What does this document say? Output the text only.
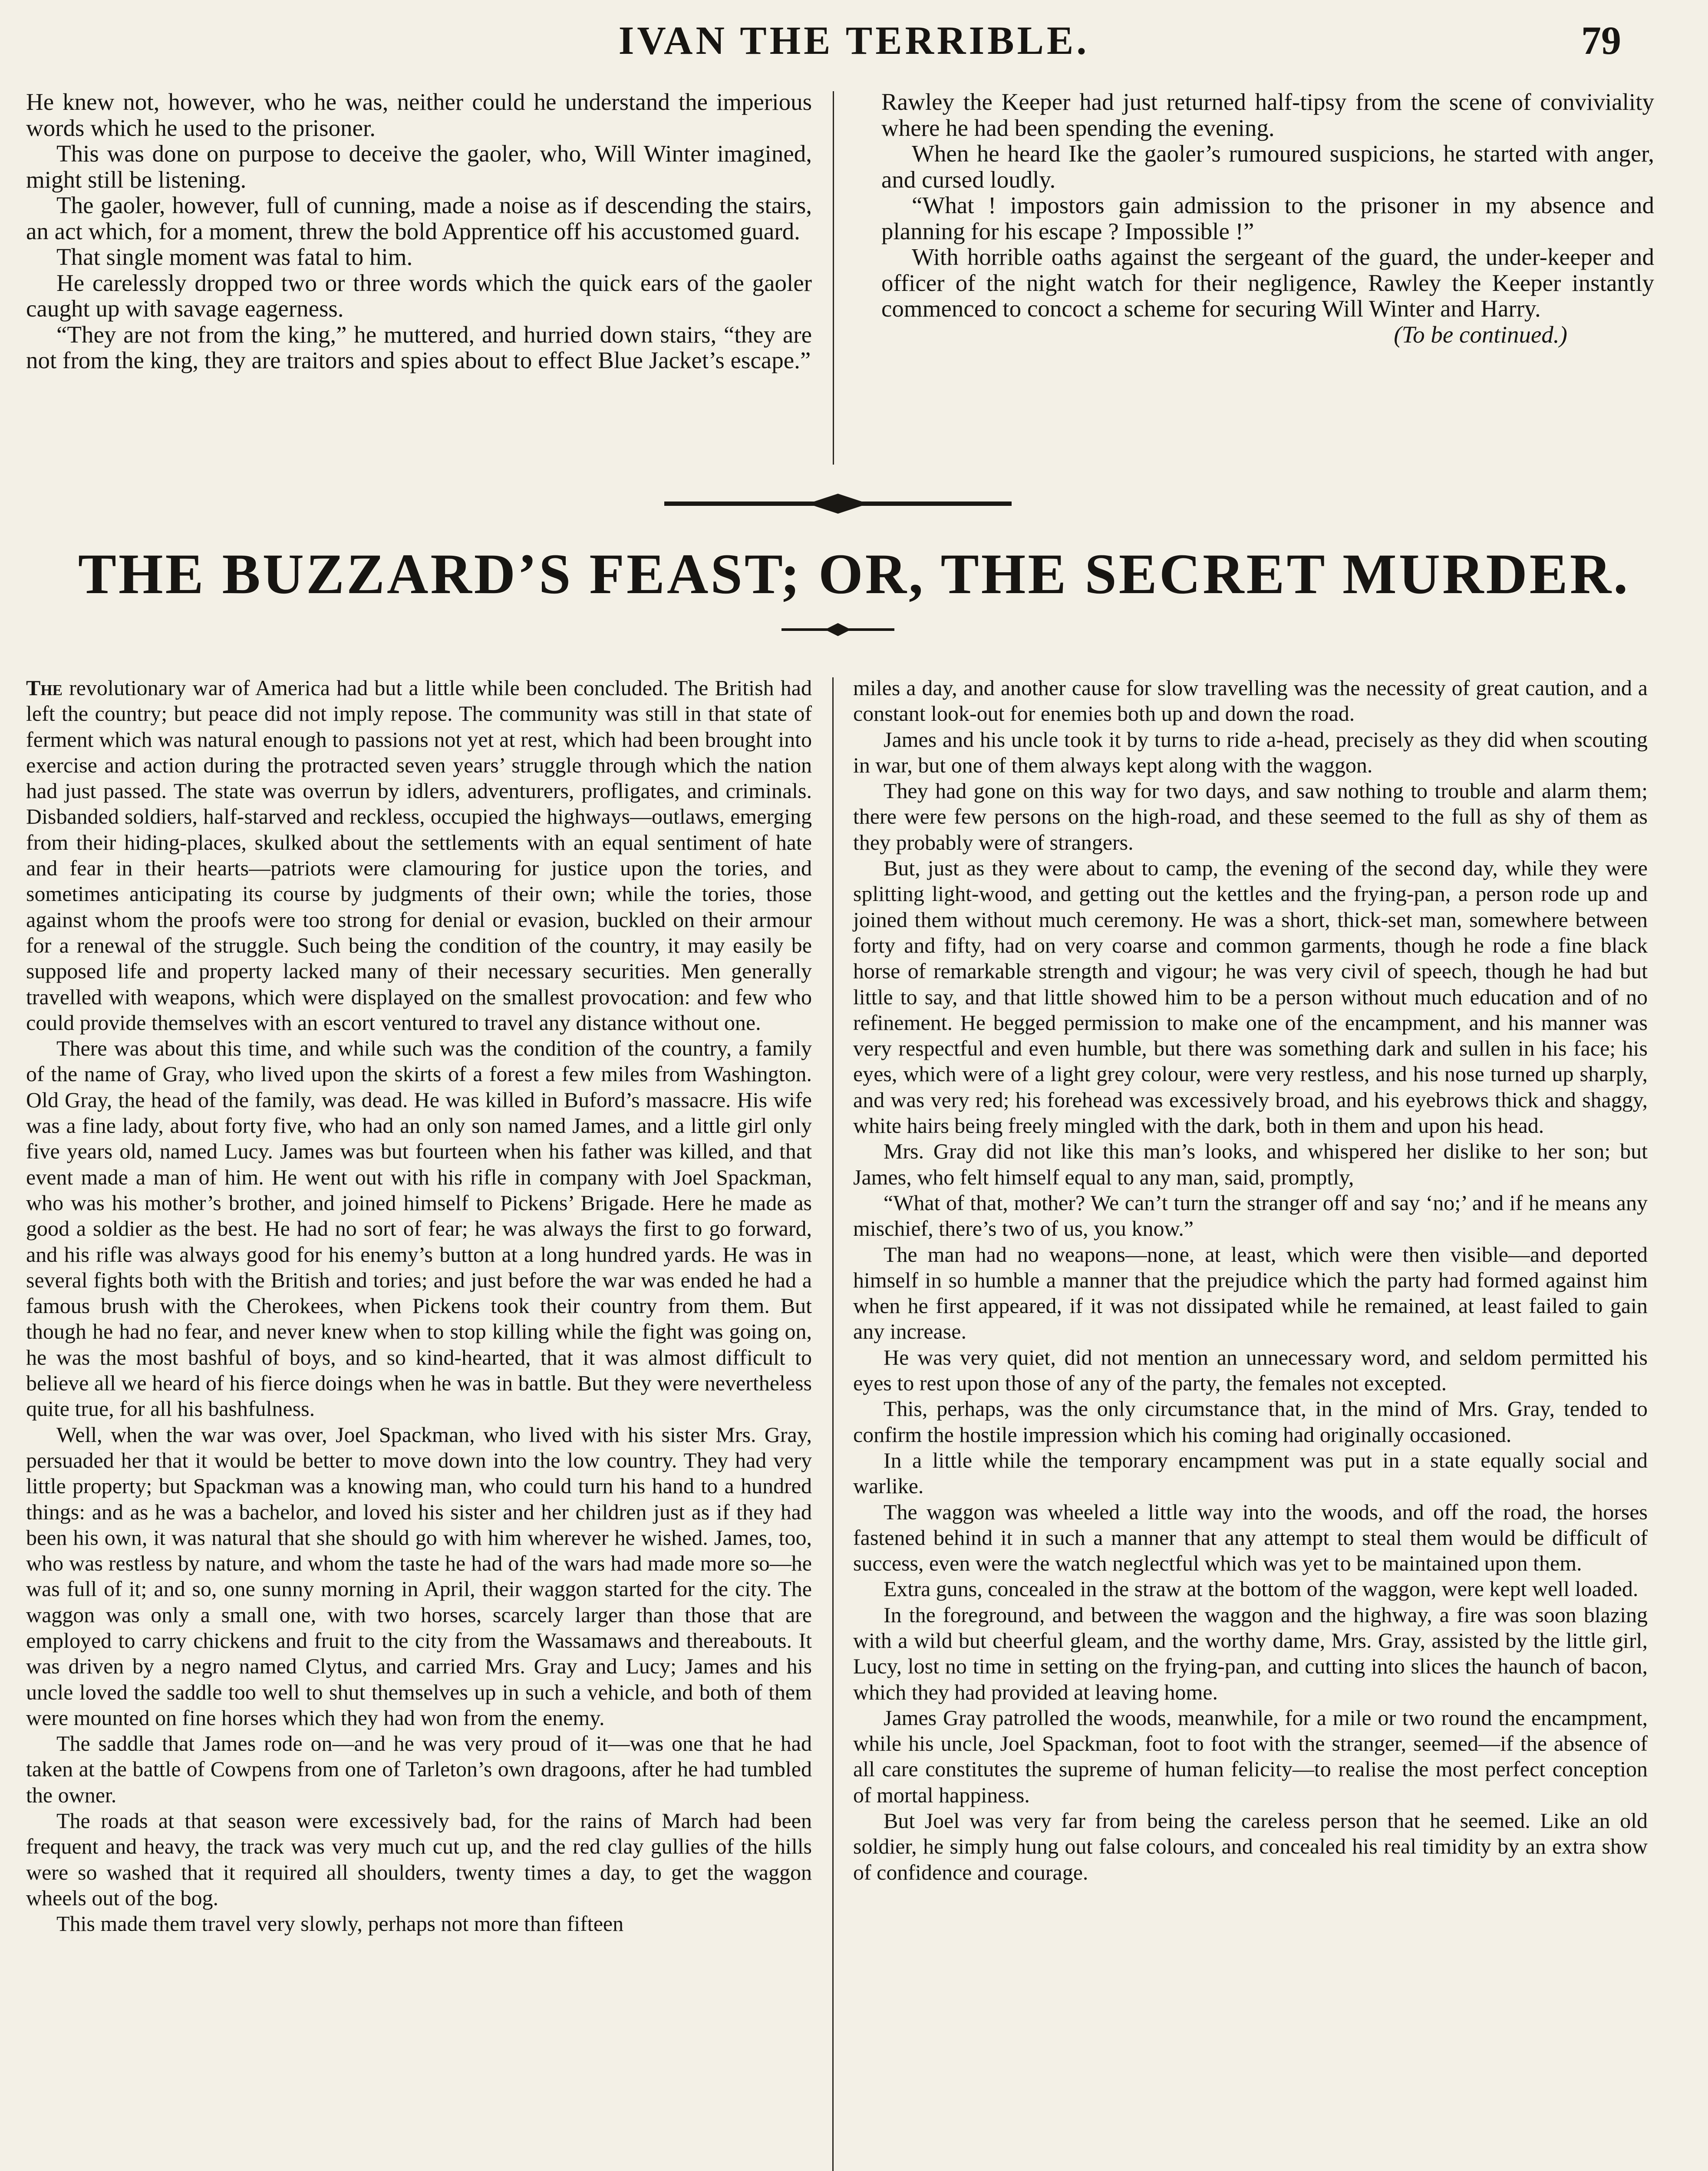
IVAN THE TERRIBLE.	79

He knew not, however, who he was, neither could he understand the imperious words which he used to the prisoner.

This was done on purpose to deceive the gaoler, who, Will Winter imagined, might still be listening.

The gaoler, however, full of cunning, made a noise as if descending the stairs, an act which, for a moment, threw the bold Apprentice off his accustomed guard.

That single moment was fatal to him.

He carelessly dropped two or three words which the quick ears of the gaoler caught up with savage eagerness.

“They are not from the king,” he muttered, and hurried down stairs, “they are not from the king, they are traitors and spies about to effect Blue Jacket’s escape.”

Rawley the Keeper had just returned half-tipsy from the scene of conviviality where he had been spending the evening.

When he heard Ike the gaoler’s rumoured suspicions, he started with anger, and cursed loudly.

“What ! impostors gain admission to the prisoner in my absence and planning for his escape ? Impossible !”

With horrible oaths against the sergeant of the guard, the under-keeper and officer of the night watch for their negligence, Rawley the Keeper instantly commenced to concoct a scheme for securing Will Winter and Harry.

(To be continued.)

THE BUZZARD’S FEAST; OR, THE SECRET MURDER.

The revolutionary war of America had but a little while been concluded. The British had left the country; but peace did not imply repose. The community was still in that state of ferment which was natural enough to passions not yet at rest, which had been brought into exercise and action during the protracted seven years’ struggle through which the nation had just passed. The state was overrun by idlers, adventurers, profligates, and criminals. Disbanded soldiers, half-starved and reckless, occupied the highways—outlaws, emerging from their hiding-places, skulked about the settlements with an equal sentiment of hate and fear in their hearts—patriots were clamouring for justice upon the tories, and sometimes anticipating its course by judgments of their own; while the tories, those against whom the proofs were too strong for denial or evasion, buckled on their armour for a renewal of the struggle. Such being the condition of the country, it may easily be supposed life and property lacked many of their necessary securities. Men generally travelled with weapons, which were displayed on the smallest provocation: and few who could provide themselves with an escort ventured to travel any distance without one.

There was about this time, and while such was the condition of the country, a family of the name of Gray, who lived upon the skirts of a forest a few miles from Washington. Old Gray, the head of the family, was dead. He was killed in Buford’s massacre. His wife was a fine lady, about forty five, who had an only son named James, and a little girl only five years old, named Lucy. James was but fourteen when his father was killed, and that event made a man of him. He went out with his rifle in company with Joel Spackman, who was his mother’s brother, and joined himself to Pickens’ Brigade. Here he made as good a soldier as the best. He had no sort of fear; he was always the first to go forward, and his rifle was always good for his enemy’s button at a long hundred yards. He was in several fights both with the British and tories; and just before the war was ended he had a famous brush with the Cherokees, when Pickens took their country from them. But though he had no fear, and never knew when to stop killing while the fight was going on, he was the most bashful of boys, and so kind-hearted, that it was almost difficult to believe all we heard of his fierce doings when he was in battle. But they were nevertheless quite true, for all his bashfulness.

Well, when the war was over, Joel Spackman, who lived with his sister Mrs. Gray, persuaded her that it would be better to move down into the low country. They had very little property; but Spackman was a knowing man, who could turn his hand to a hundred things: and as he was a bachelor, and loved his sister and her children just as if they had been his own, it was natural that she should go with him wherever he wished. James, too, who was restless by nature, and whom the taste he had of the wars had made more so—he was full of it; and so, one sunny morning in April, their waggon started for the city. The waggon was only a small one, with two horses, scarcely larger than those that are employed to carry chickens and fruit to the city from the Wassamaws and thereabouts. It was driven by a negro named Clytus, and carried Mrs. Gray and Lucy; James and his uncle loved the saddle too well to shut themselves up in such a vehicle, and both of them were mounted on fine horses which they had won from the enemy.

The saddle that James rode on—and he was very proud of it—was one that he had taken at the battle of Cowpens from one of Tarleton’s own dragoons, after he had tumbled the owner.

The roads at that season were excessively bad, for the rains of March had been frequent and heavy, the track was very much cut up, and the red clay gullies of the hills were so washed that it required all shoulders, twenty times a day, to get the waggon wheels out of the bog.

This made them travel very slowly, perhaps not more than fifteen

miles a day, and another cause for slow travelling was the necessity of great caution, and a constant look-out for enemies both up and down the road.

James and his uncle took it by turns to ride a-head, precisely as they did when scouting in war, but one of them always kept along with the waggon.

They had gone on this way for two days, and saw nothing to trouble and alarm them; there were few persons on the high-road, and these seemed to the full as shy of them as they probably were of strangers.

But, just as they were about to camp, the evening of the second day, while they were splitting light-wood, and getting out the kettles and the frying-pan, a person rode up and joined them without much ceremony. He was a short, thick-set man, somewhere between forty and fifty, had on very coarse and common garments, though he rode a fine black horse of remarkable strength and vigour; he was very civil of speech, though he had but little to say, and that little showed him to be a person without much education and of no refinement. He begged permission to make one of the encampment, and his manner was very respectful and even humble, but there was something dark and sullen in his face; his eyes, which were of a light grey colour, were very restless, and his nose turned up sharply, and was very red; his forehead was excessively broad, and his eyebrows thick and shaggy, white hairs being freely mingled with the dark, both in them and upon his head.

Mrs. Gray did not like this man’s looks, and whispered her dislike to her son; but James, who felt himself equal to any man, said, promptly,

“What of that, mother? We can’t turn the stranger off and say ‘no;’ and if he means any mischief, there’s two of us, you know.”

The man had no weapons—none, at least, which were then visible—and deported himself in so humble a manner that the prejudice which the party had formed against him when he first appeared, if it was not dissipated while he remained, at least failed to gain any increase.

He was very quiet, did not mention an unnecessary word, and seldom permitted his eyes to rest upon those of any of the party, the females not excepted.

This, perhaps, was the only circumstance that, in the mind of Mrs. Gray, tended to confirm the hostile impression which his coming had originally occasioned.

In a little while the temporary encampment was put in a state equally social and warlike.

The waggon was wheeled a little way into the woods, and off the road, the horses fastened behind it in such a manner that any attempt to steal them would be difficult of success, even were the watch neglectful which was yet to be maintained upon them.

Extra guns, concealed in the straw at the bottom of the waggon, were kept well loaded.

In the foreground, and between the waggon and the highway, a fire was soon blazing with a wild but cheerful gleam, and the worthy dame, Mrs. Gray, assisted by the little girl, Lucy, lost no time in setting on the frying-pan, and cutting into slices the haunch of bacon, which they had provided at leaving home.

James Gray patrolled the woods, meanwhile, for a mile or two round the encampment, while his uncle, Joel Spackman, foot to foot with the stranger, seemed—if the absence of all care constitutes the supreme of human felicity—to realise the most perfect conception of mortal happiness.

But Joel was very far from being the careless person that he seemed. Like an old soldier, he simply hung out false colours, and concealed his real timidity by an extra show of confidence and courage.
